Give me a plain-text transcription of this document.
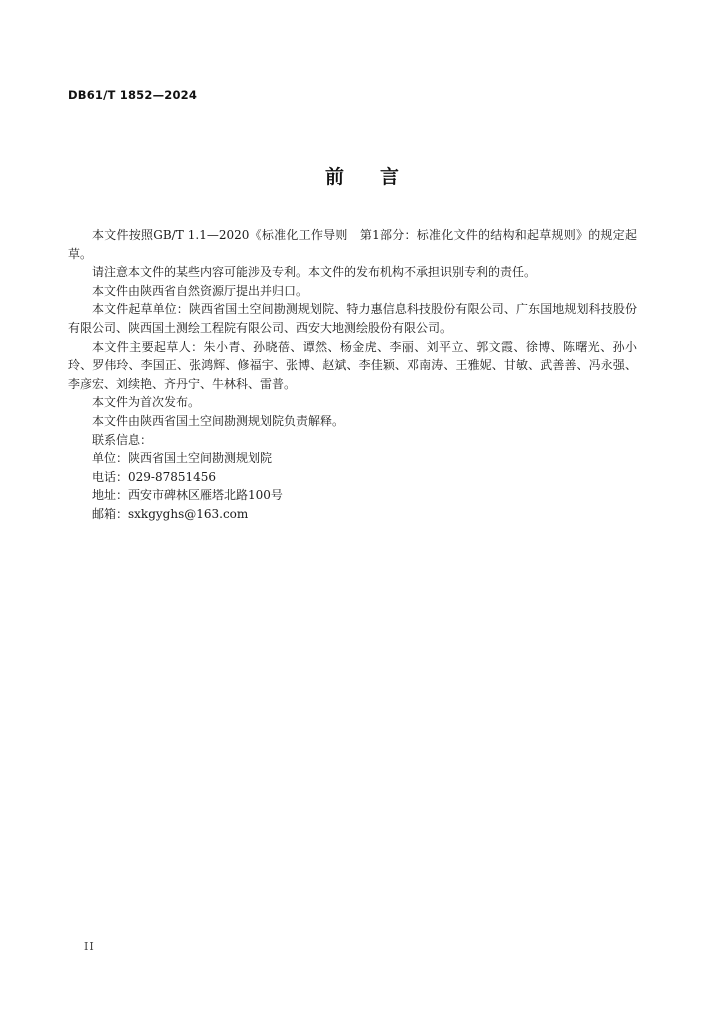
DB61/T 1852—2024
前言

本文件按照GB/T 1.1—2020《标准化工作导则　第1部分：标准化文件的结构和起草规则》的规定起草。

请注意本文件的某些内容可能涉及专利。本文件的发布机构不承担识别专利的责任。

本文件由陕西省自然资源厅提出并归口。

本文件起草单位：陕西省国土空间勘测规划院、特力惠信息科技股份有限公司、广东国地规划科技股份有限公司、陕西国土测绘工程院有限公司、西安大地测绘股份有限公司。

本文件主要起草人：朱小青、孙晓蓓、谭然、杨金虎、李丽、刘平立、郭文霞、徐博、陈曙光、孙小玲、罗伟玲、李国正、张鸿辉、修福宇、张博、赵斌、李佳颖、邓南涛、王雅妮、甘敏、武善善、冯永强、李彦宏、刘续艳、齐丹宁、牛林科、雷普。

本文件为首次发布。

本文件由陕西省国土空间勘测规划院负责解释。

联系信息：

单位：陕西省国土空间勘测规划院

电话：029-87851456

地址：西安市碑林区雁塔北路100号

邮箱：sxkgyghs@163.com

II
